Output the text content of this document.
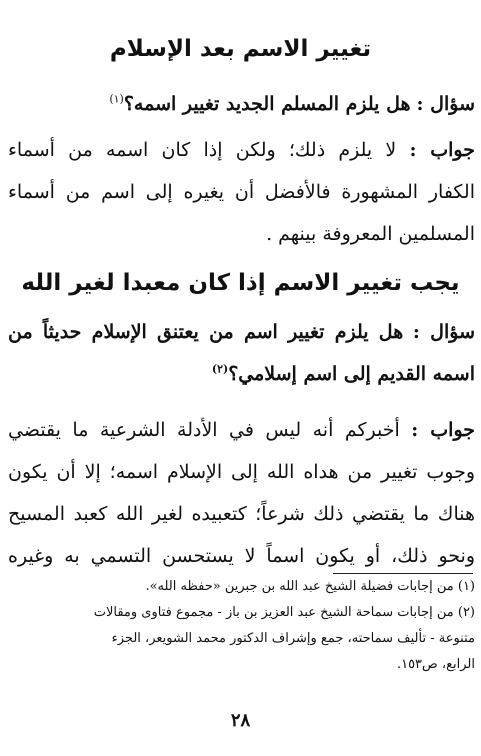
تغيير الاسم بعد الإسلام
سؤال : هل يلزم المسلم الجديد تغيير اسمه؟$^{(١)}$
جواب : لا يلزم ذلك؛ ولكن إذا كان اسمه من أسماء
الكفار المشهورة فالأفضل أن يغيره إلى اسم من أسماء
المسلمين المعروفة بينهم .
يجب تغيير الاسم إذا كان معبدا لغير الله
سؤال : هل يلزم تغيير اسم من يعتنق الإسلام حديثاً من
اسمه القديم إلى اسم إسلامي؟$^{(٢)}$
جواب : أخبركم أنه ليس في الأدلة الشرعية ما يقتضي
وجوب تغيير من هداه الله إلى الإسلام اسمه؛ إلا أن يكون
هناك ما يقتضي ذلك شرعاً؛ كتعبيده لغير الله كعبد المسيح
ونحو ذلك، أو يكون اسماً لا يستحسن التسمي به وغيره
(١) من إجابات فضيلة الشيخ عبد الله بن جبرين «حفظه الله».
(٢) من إجابات سماحة الشيخ عبد العزيز بن باز - مجموع فتاوى ومقالات
متنوعة - تأليف سماحته، جمع وإشراف الدكتور محمد الشويعر، الجزء
الرابع، ص١٥٣.
٢٨
